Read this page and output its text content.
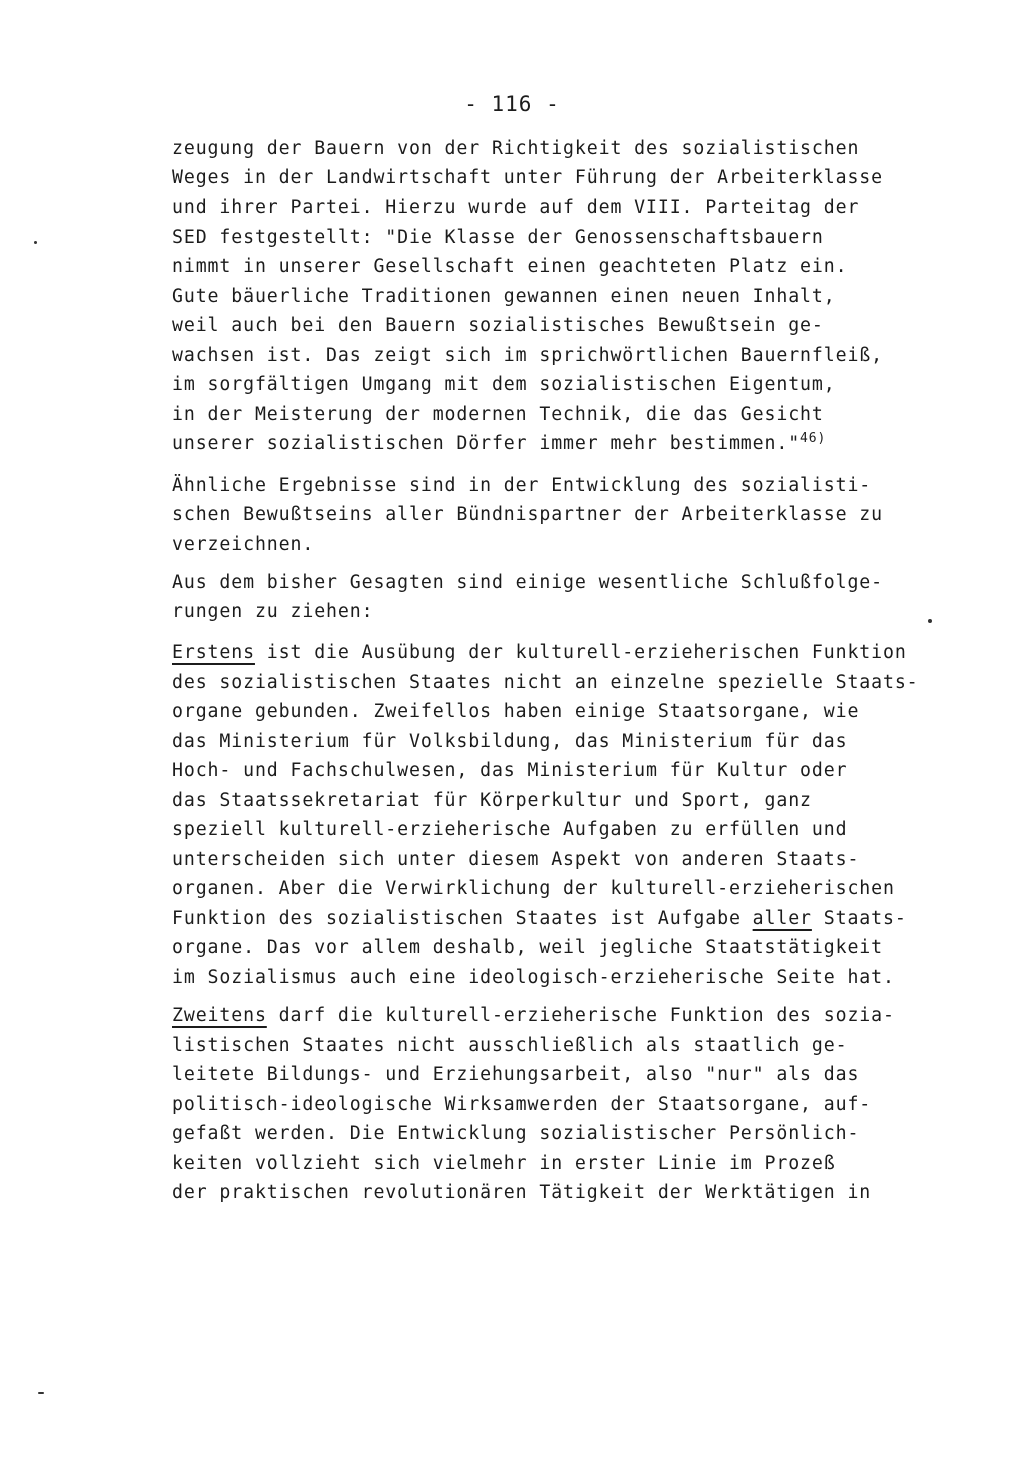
- 116 -
zeugung der Bauern von der Richtigkeit des sozialistischen
Weges in der Landwirtschaft unter Führung der Arbeiterklasse
und ihrer Partei. Hierzu wurde auf dem VIII. Parteitag der
SED festgestellt: "Die Klasse der Genossenschaftsbauern
nimmt in unserer Gesellschaft einen geachteten Platz ein.
Gute bäuerliche Traditionen gewannen einen neuen Inhalt,
weil auch bei den Bauern sozialistisches Bewußtsein ge-
wachsen ist. Das zeigt sich im sprichwörtlichen Bauernfleiß,
im sorgfältigen Umgang mit dem sozialistischen Eigentum,
in der Meisterung der modernen Technik, die das Gesicht
unserer sozialistischen Dörfer immer mehr bestimmen."$^{46)}$
Ähnliche Ergebnisse sind in der Entwicklung des sozialisti-
schen Bewußtseins aller Bündnispartner der Arbeiterklasse zu
verzeichnen.
Aus dem bisher Gesagten sind einige wesentliche Schlußfolge-
rungen zu ziehen:
Erstens ist die Ausübung der kulturell-erzieherischen Funktion
des sozialistischen Staates nicht an einzelne spezielle Staats-
organe gebunden. Zweifellos haben einige Staatsorgane, wie
das Ministerium für Volksbildung, das Ministerium für das
Hoch- und Fachschulwesen, das Ministerium für Kultur oder
das Staatssekretariat für Körperkultur und Sport, ganz
speziell kulturell-erzieherische Aufgaben zu erfüllen und
unterscheiden sich unter diesem Aspekt von anderen Staats-
organen. Aber die Verwirklichung der kulturell-erzieherischen
Funktion des sozialistischen Staates ist Aufgabe aller Staats-
organe. Das vor allem deshalb, weil jegliche Staatstätigkeit
im Sozialismus auch eine ideologisch-erzieherische Seite hat.
Zweitens darf die kulturell-erzieherische Funktion des sozia-
listischen Staates nicht ausschließlich als staatlich ge-
leitete Bildungs- und Erziehungsarbeit, also "nur" als das
politisch-ideologische Wirksamwerden der Staatsorgane, auf-
gefaßt werden. Die Entwicklung sozialistischer Persönlich-
keiten vollzieht sich vielmehr in erster Linie im Prozeß
der praktischen revolutionären Tätigkeit der Werktätigen in
